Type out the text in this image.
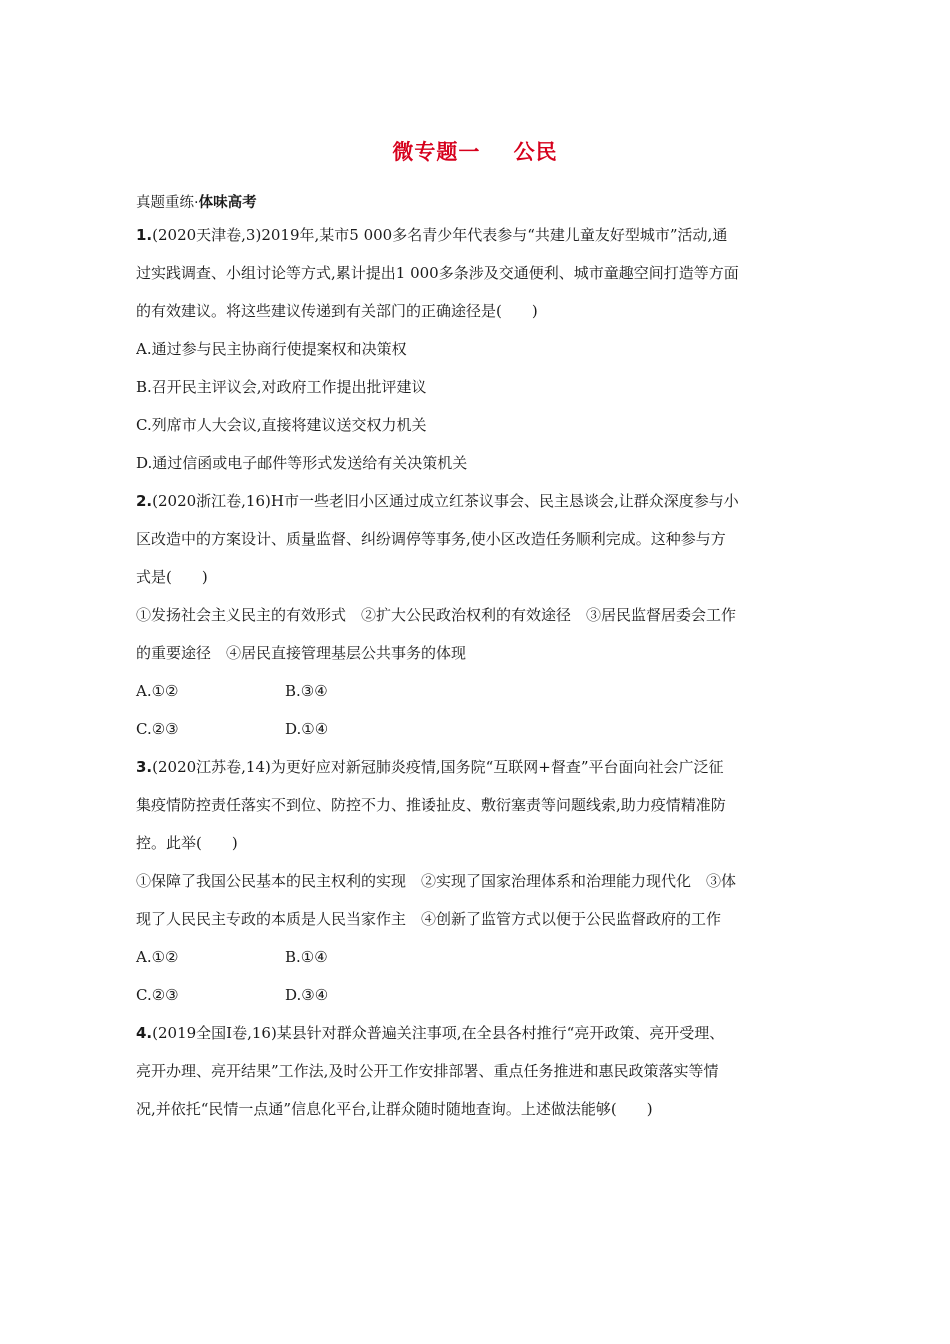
微专题一    公民
真题重练·体味高考
1.(2020天津卷,3)2019年,某市5 000多名青少年代表参与“共建儿童友好型城市”活动,通
过实践调查、小组讨论等方式,累计提出1 000多条涉及交通便利、城市童趣空间打造等方面
的有效建议。将这些建议传递到有关部门的正确途径是(　　)
A.通过参与民主协商行使提案权和决策权
B.召开民主评议会,对政府工作提出批评建议
C.列席市人大会议,直接将建议送交权力机关
D.通过信函或电子邮件等形式发送给有关决策机关
2.(2020浙江卷,16)H市一些老旧小区通过成立红茶议事会、民主恳谈会,让群众深度参与小
区改造中的方案设计、质量监督、纠纷调停等事务,使小区改造任务顺利完成。这种参与方
式是(　　)
①发扬社会主义民主的有效形式　②扩大公民政治权利的有效途径　③居民监督居委会工作
的重要途径　④居民直接管理基层公共事务的体现
A.①②	B.③④
C.②③	D.①④
3.(2020江苏卷,14)为更好应对新冠肺炎疫情,国务院“互联网+督查”平台面向社会广泛征
集疫情防控责任落实不到位、防控不力、推诿扯皮、敷衍塞责等问题线索,助力疫情精准防
控。此举(　　)
①保障了我国公民基本的民主权利的实现　②实现了国家治理体系和治理能力现代化　③体
现了人民民主专政的本质是人民当家作主　④创新了监管方式以便于公民监督政府的工作
A.①②	B.①④
C.②③	D.③④
4.(2019全国Ⅰ卷,16)某县针对群众普遍关注事项,在全县各村推行“亮开政策、亮开受理、
亮开办理、亮开结果”工作法,及时公开工作安排部署、重点任务推进和惠民政策落实等情
况,并依托“民情一点通”信息化平台,让群众随时随地查询。上述做法能够(　　)
